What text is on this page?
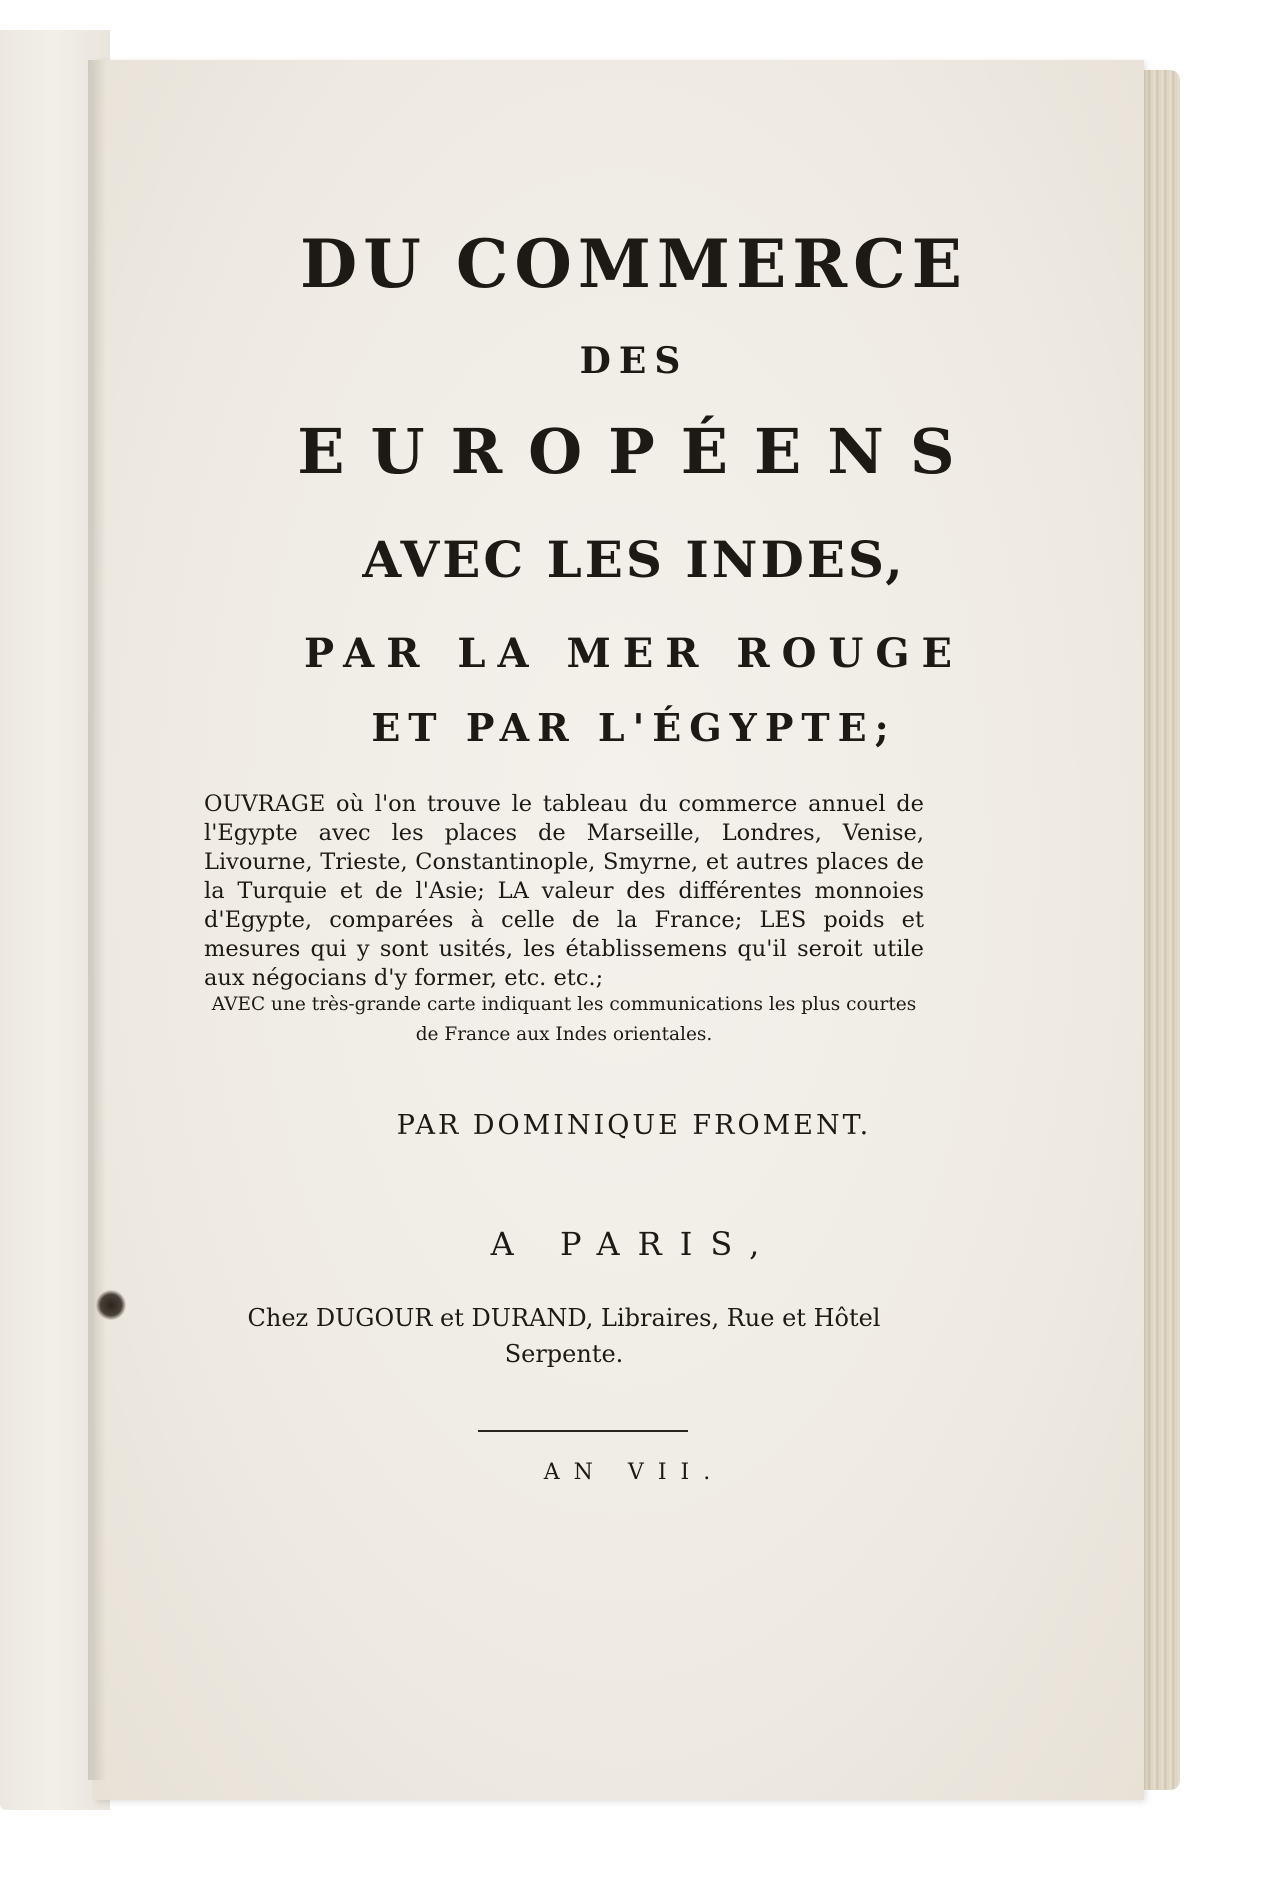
DU COMMERCE
DES
EUROPÉENS
AVEC LES INDES,
PAR LA MER ROUGE
ET PAR L'ÉGYPTE;
OUVRAGE où l'on trouve le tableau du commerce annuel de l'Egypte avec les places de Marseille, Londres, Venise, Livourne, Trieste, Constantinople, Smyrne, et autres places de la Turquie et de l'Asie; LA valeur des différentes monnoies d'Egypte, comparées à celle de la France; LES poids et mesures qui y sont usités, les établissemens qu'il seroit utile aux négocians d'y former, etc. etc.;
AVEC une très-grande carte indiquant les communications les plus courtes de France aux Indes orientales.
PAR DOMINIQUE FROMENT.
A PARIS,
Chez DUGOUR et DURAND, Libraires, Rue et Hôtel Serpente.
AN VII.
